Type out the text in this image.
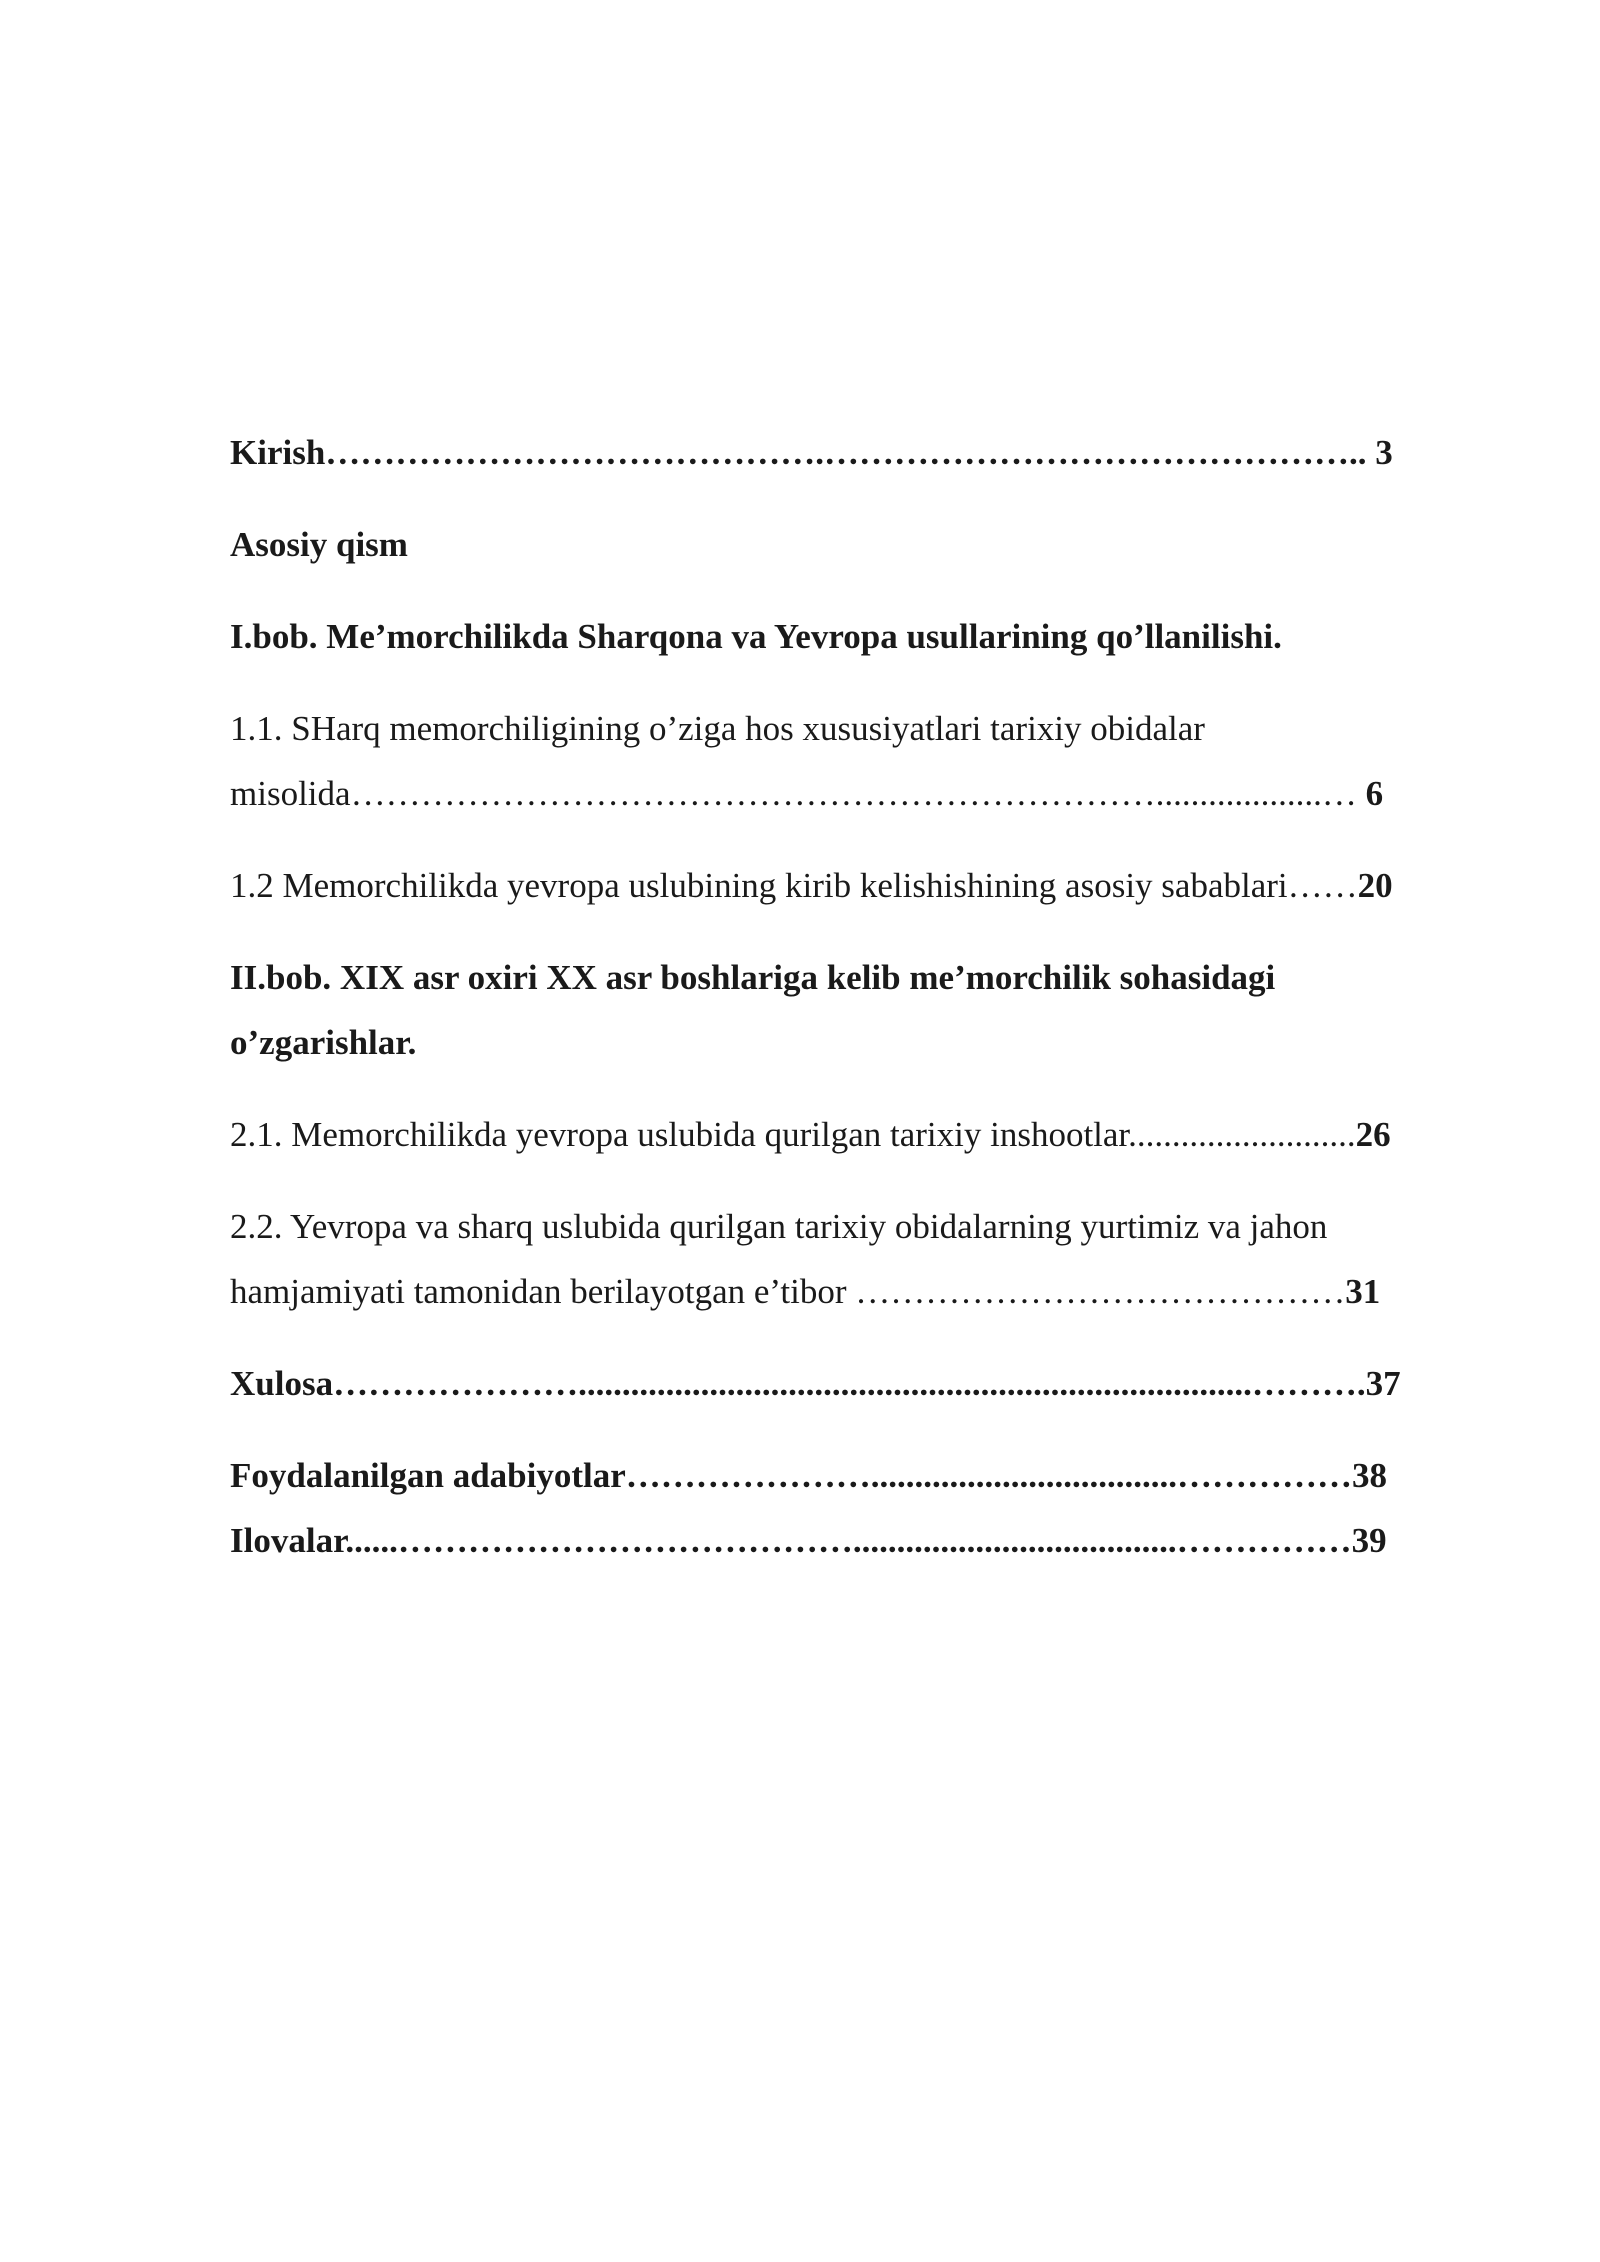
Kirish…………………………………….……………………………………….. 3
Asosiy qism
I.bob. Me’morchilikda Sharqona va Yevropa usullarining qo’llanilishi.
1.1. SHarq memorchiligining o’ziga hos xususiyatlari tarixiy obidalar
misolida……………………………………………………………...................… 6
1.2 Memorchilikda yevropa uslubining kirib kelishishining asosiy sabablari……20
II.bob. XIX asr oxiri XX asr boshlariga kelib me’morchilik sohasidagi
o’zgarishlar.
2.1. Memorchilikda yevropa uslubida qurilgan tarixiy inshootlar..........................26
2.2. Yevropa va sharq uslubida qurilgan tarixiy obidalarning yurtimiz va jahon
hamjamiyati tamonidan berilayotgan e’tibor ……………………………………31
Xulosa………………….............................................................................……….37
Foydalanilgan adabiyotlar…………………...................................……………38
Ilovalar......………………………………….....................................……………39
